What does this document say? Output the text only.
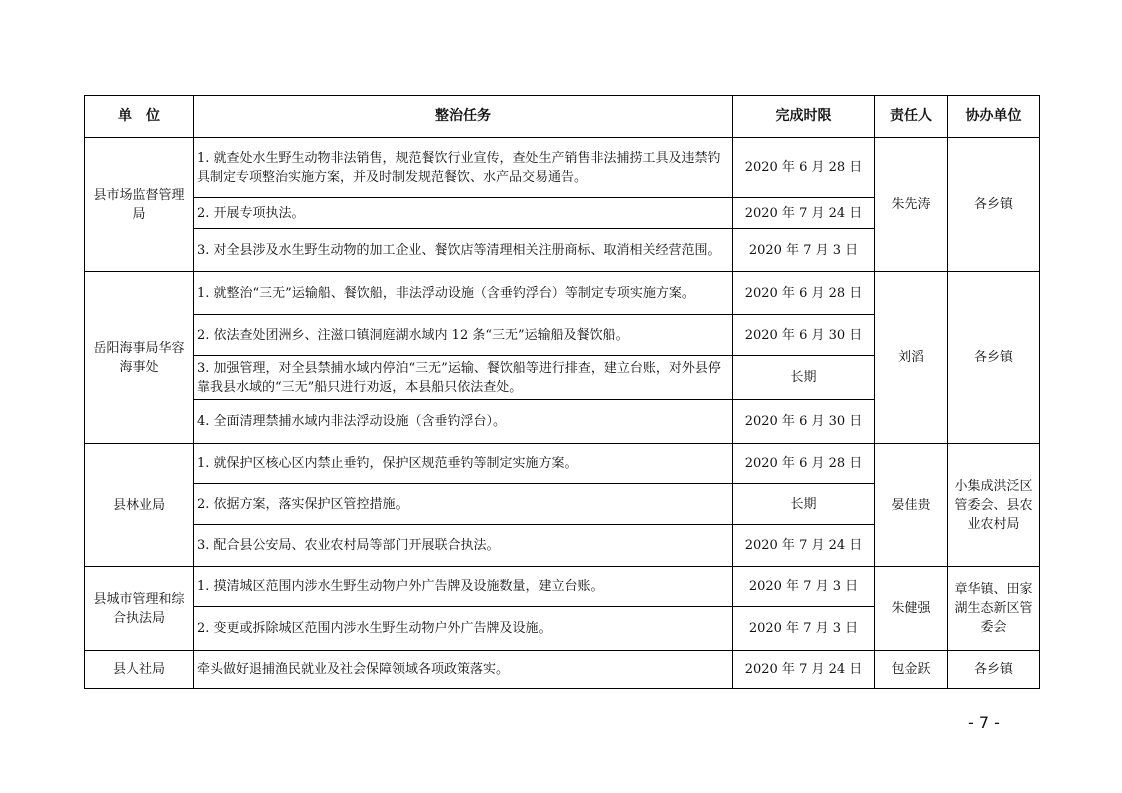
单　位	整治任务	完成时限	责任人	协办单位
县市场监督管理局	1. 就查处水生野生动物非法销售，规范餐饮行业宣传，查处生产销售非法捕捞工具及违禁钓具制定专项整治实施方案，并及时制发规范餐饮、水产品交易通告。	2020 年 6 月 28 日	朱先涛	各乡镇
	2. 开展专项执法。	2020 年 7 月 24 日		
	3. 对全县涉及水生野生动物的加工企业、餐饮店等清理相关注册商标、取消相关经营范围。	2020 年 7 月 3 日		
岳阳海事局华容海事处	1. 就整治“三无”运输船、餐饮船，非法浮动设施（含垂钓浮台）等制定专项实施方案。	2020 年 6 月 28 日	刘滔	各乡镇
	2. 依法查处团洲乡、注滋口镇洞庭湖水域内 12 条“三无”运输船及餐饮船。	2020 年 6 月 30 日		
	3. 加强管理，对全县禁捕水域内停泊“三无”运输、餐饮船等进行排查，建立台账，对外县停靠我县水域的“三无”船只进行劝返，本县船只依法查处。	长期		
	4. 全面清理禁捕水域内非法浮动设施（含垂钓浮台）。	2020 年 6 月 30 日		
县林业局	1. 就保护区核心区内禁止垂钓，保护区规范垂钓等制定实施方案。	2020 年 6 月 28 日	晏佳贵	小集成洪泛区管委会、县农业农村局
	2. 依据方案，落实保护区管控措施。	长期		
	3. 配合县公安局、农业农村局等部门开展联合执法。	2020 年 7 月 24 日		
县城市管理和综合执法局	1. 摸清城区范围内涉水生野生动物户外广告牌及设施数量，建立台账。	2020 年 7 月 3 日	朱健强	章华镇、田家湖生态新区管委会
	2. 变更或拆除城区范围内涉水生野生动物户外广告牌及设施。	2020 年 7 月 3 日		
县人社局	牵头做好退捕渔民就业及社会保障领域各项政策落实。	2020 年 7 月 24 日	包金跃	各乡镇
- 7 -
